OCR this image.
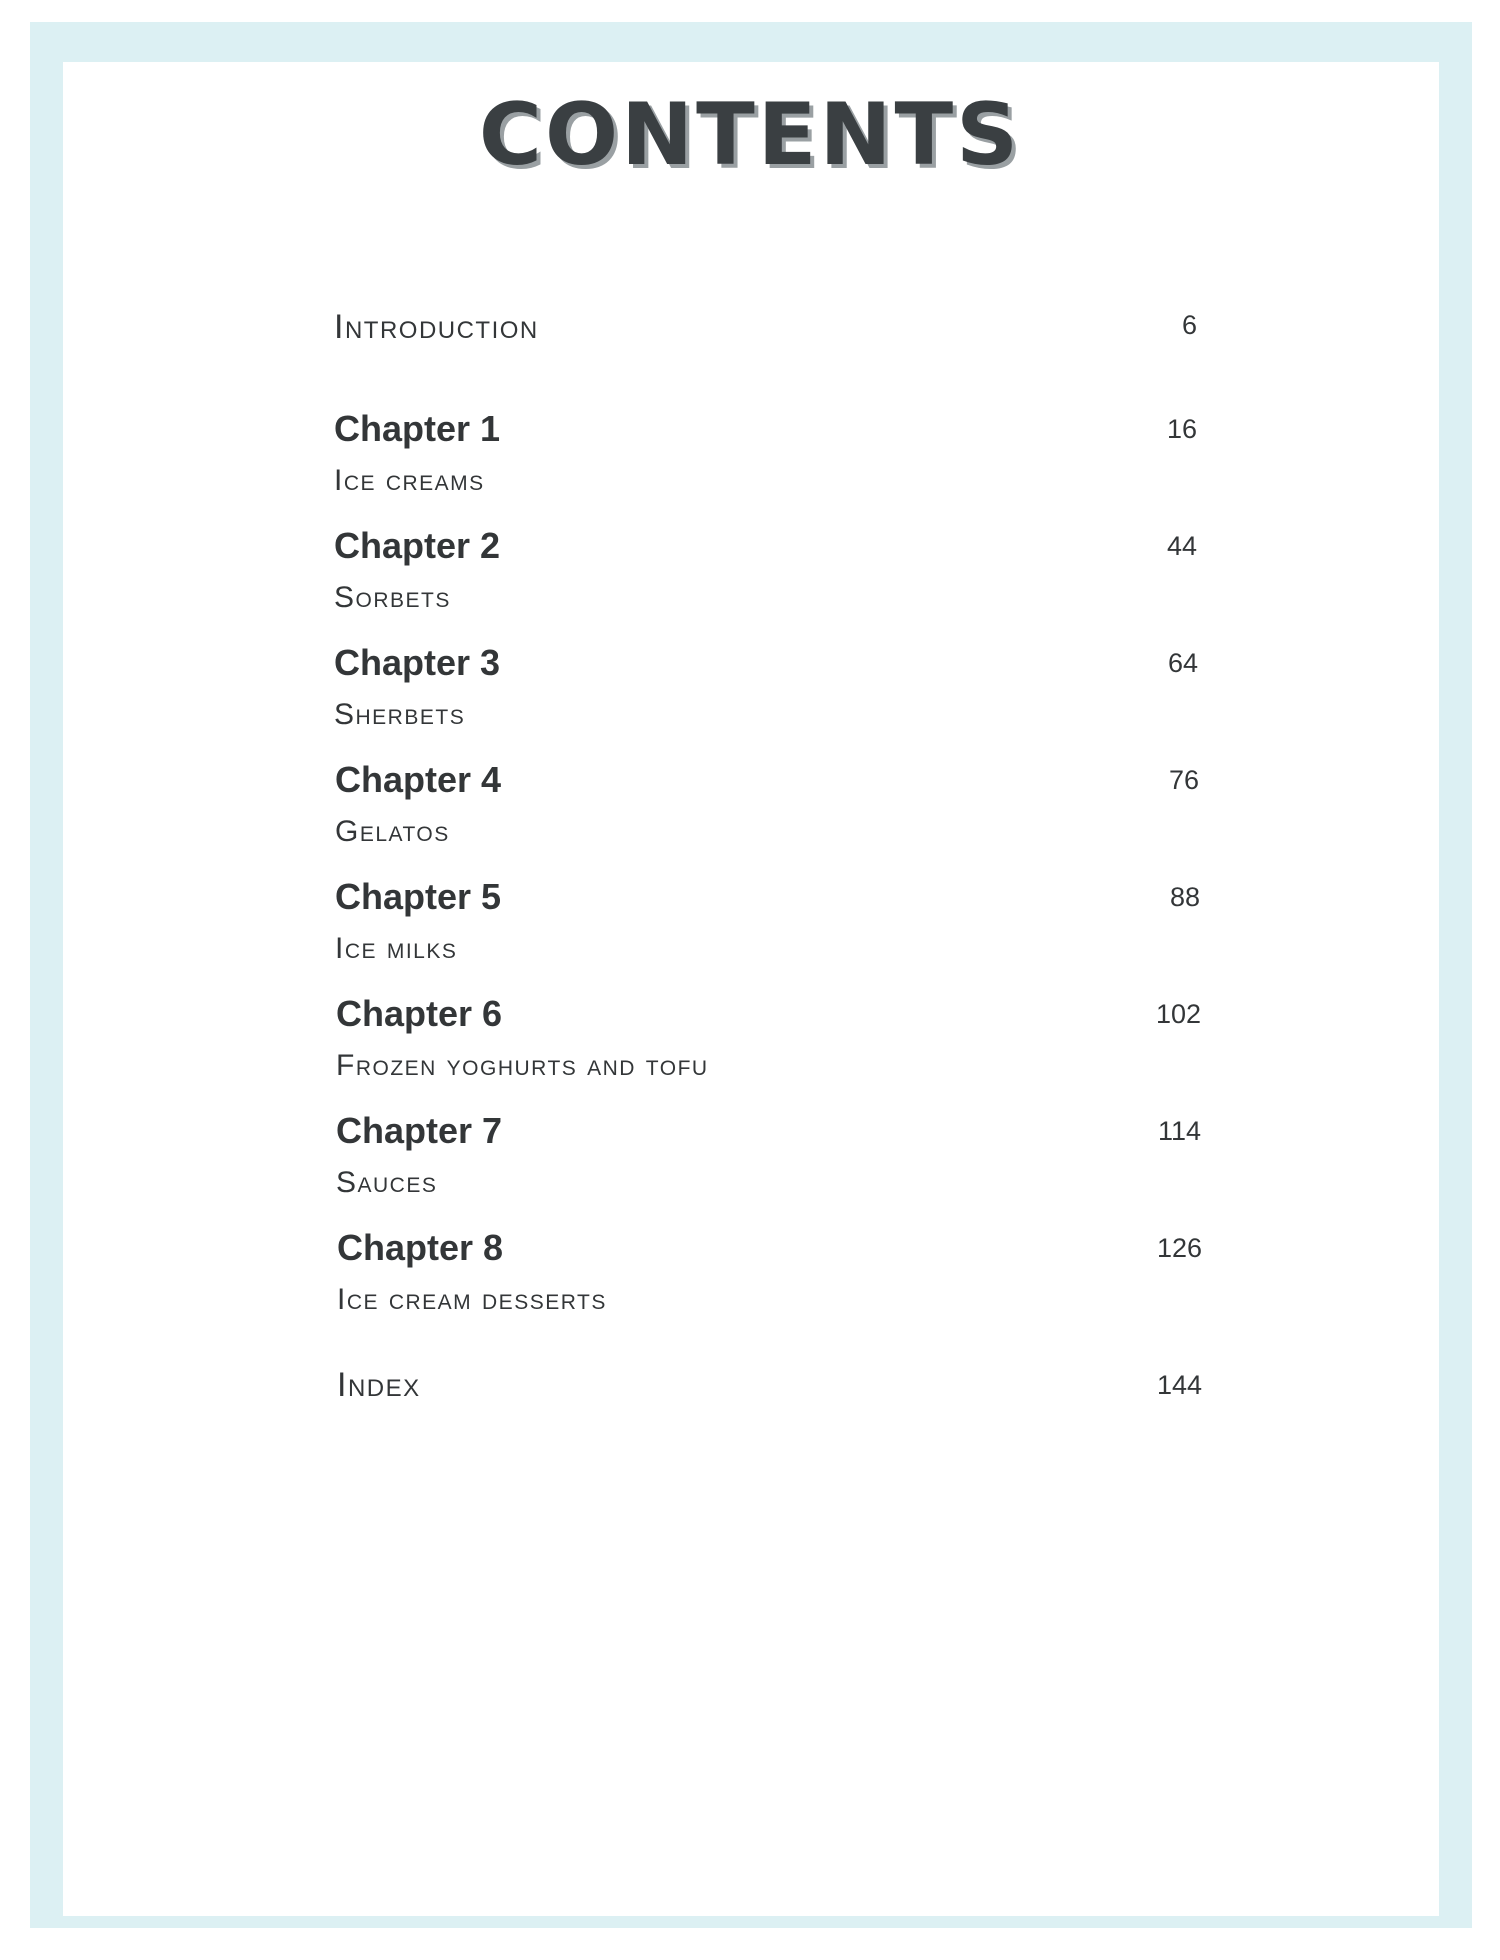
CONTENTS
Introduction	6
Chapter 1	16
Ice creams
Chapter 2	44
Sorbets
Chapter 3	64
Sherbets
Chapter 4	76
Gelatos
Chapter 5	88
Ice milks
Chapter 6	102
Frozen yoghurts and tofu
Chapter 7	114
Sauces
Chapter 8	126
Ice cream desserts
Index	144
